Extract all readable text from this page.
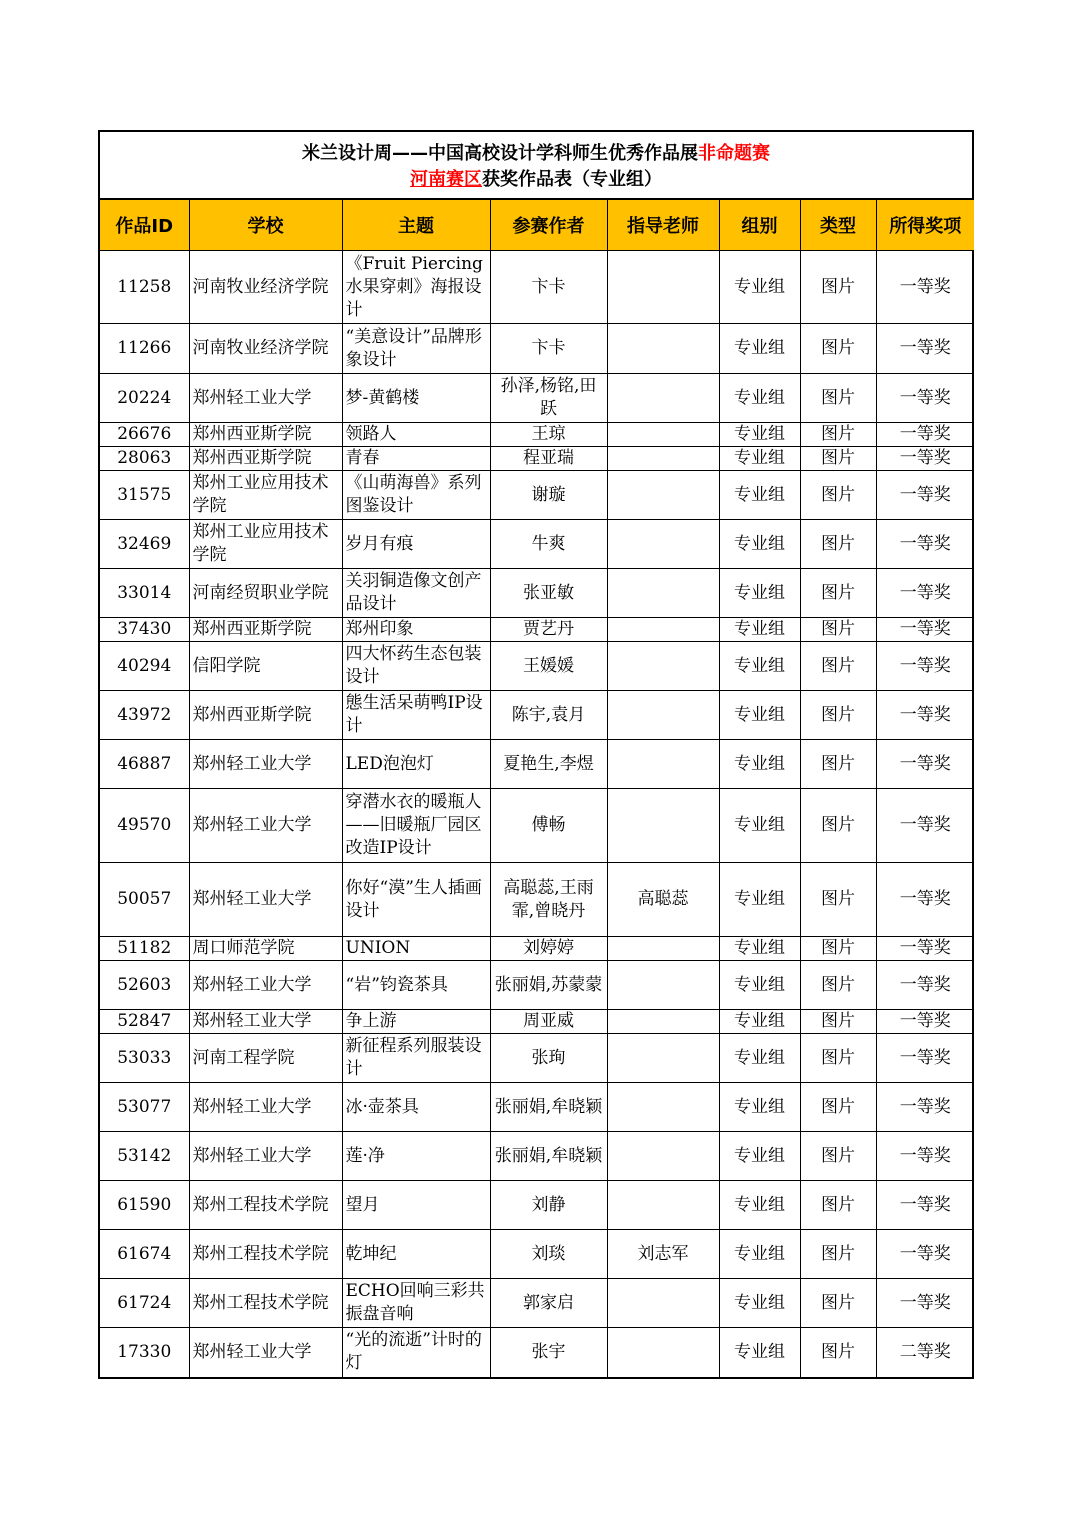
米兰设计周——中国高校设计学科师生优秀作品展非命题赛
河南赛区获奖作品表（专业组）
作品ID	学校	主题	参赛作者	指导老师	组别	类型	所得奖项
11258	河南牧业经济学院	《Fruit Piercing 水果穿刺》海报设计	卞卡		专业组	图片	一等奖
11266	河南牧业经济学院	“美意设计”品牌形象设计	卞卡		专业组	图片	一等奖
20224	郑州轻工业大学	梦-黄鹤楼	孙泽,杨铭,田跃		专业组	图片	一等奖
26676	郑州西亚斯学院	领路人	王琼		专业组	图片	一等奖
28063	郑州西亚斯学院	青春	程亚瑞		专业组	图片	一等奖
31575	郑州工业应用技术学院	《山萌海兽》系列图鉴设计	谢璇		专业组	图片	一等奖
32469	郑州工业应用技术学院	岁月有痕	牛爽		专业组	图片	一等奖
33014	河南经贸职业学院	关羽铜造像文创产品设计	张亚敏		专业组	图片	一等奖
37430	郑州西亚斯学院	郑州印象	贾艺丹		专业组	图片	一等奖
40294	信阳学院	四大怀药生态包装设计	王媛媛		专业组	图片	一等奖
43972	郑州西亚斯学院	態生活呆萌鸭IP设计	陈宇,袁月		专业组	图片	一等奖
46887	郑州轻工业大学	LED泡泡灯	夏艳生,李煜		专业组	图片	一等奖
49570	郑州轻工业大学	穿潜水衣的暖瓶人——旧暖瓶厂园区改造IP设计	傅畅		专业组	图片	一等奖
50057	郑州轻工业大学	你好“漠”生人插画设计	高聪蕊,王雨霏,曾晓丹	高聪蕊	专业组	图片	一等奖
51182	周口师范学院	UNION	刘婷婷		专业组	图片	一等奖
52603	郑州轻工业大学	“岩”钧瓷茶具	张丽娟,苏蒙蒙		专业组	图片	一等奖
52847	郑州轻工业大学	争上游	周亚威		专业组	图片	一等奖
53033	河南工程学院	新征程系列服装设计	张珣		专业组	图片	一等奖
53077	郑州轻工业大学	冰·壶茶具	张丽娟,牟晓颖		专业组	图片	一等奖
53142	郑州轻工业大学	莲·净	张丽娟,牟晓颖		专业组	图片	一等奖
61590	郑州工程技术学院	望月	刘静		专业组	图片	一等奖
61674	郑州工程技术学院	乾坤纪	刘琰	刘志军	专业组	图片	一等奖
61724	郑州工程技术学院	ECHO回响三彩共振盘音响	郭家启		专业组	图片	一等奖
17330	郑州轻工业大学	“光的流逝”计时的灯	张宇		专业组	图片	二等奖
